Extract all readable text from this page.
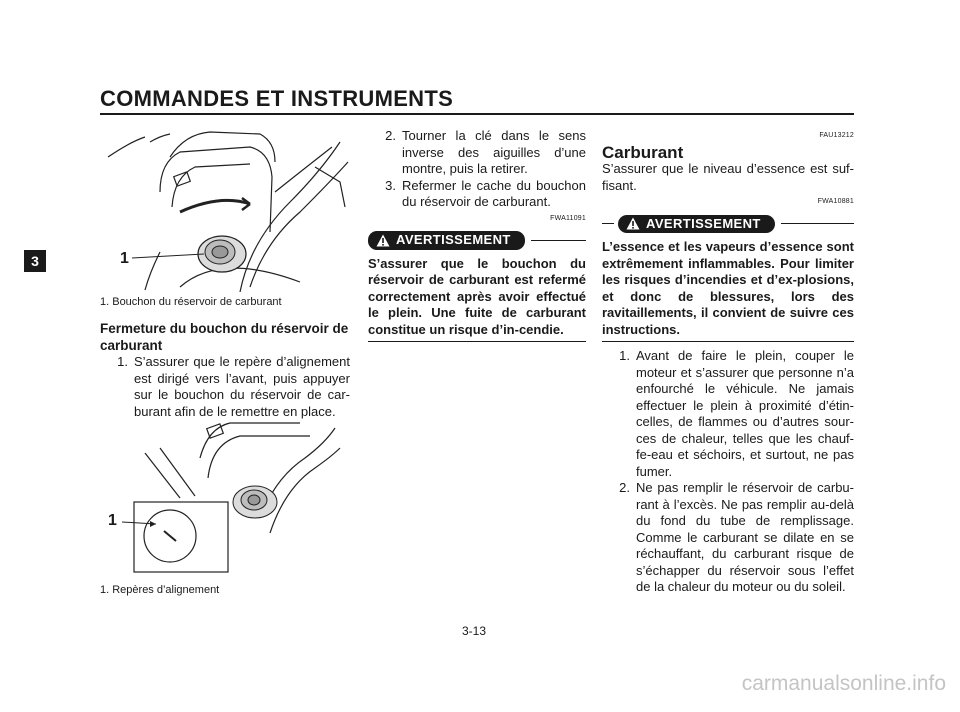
COMMANDES ET INSTRUMENTS
3	1
1. Bouchon du réservoir de carburant
Fermeture du bouchon du réservoir de carburant
1. S’assurer que le repère d’alignement est dirigé vers l’avant, puis appuyer sur le bouchon du réservoir de car-burant afin de le remettre en place.
1
1. Repères d’alignement
2. Tourner la clé dans le sens inverse des aiguilles d’une montre, puis la retirer.
3. Refermer le cache du bouchon du réservoir de carburant.
FWA11091
AVERTISSEMENT
S’assurer que le bouchon du réservoir de carburant est refermé correctement après avoir effectué le plein. Une fuite de carburant constitue un risque d’in-cendie.
FAU13212
Carburant
S’assurer que le niveau d’essence est suf-fisant.
FWA10881
AVERTISSEMENT
L’essence et les vapeurs d’essence sont extrêmement inflammables. Pour limiter les risques d’incendies et d’ex-plosions, et donc de blessures, lors des ravitaillements, il convient de suivre ces instructions.
1. Avant de faire le plein, couper le moteur et s’assurer que personne n’a enfourché le véhicule. Ne jamais effectuer le plein à proximité d’étin-celles, de flammes ou d’autres sour-ces de chaleur, telles que les chauf-fe-eau et séchoirs, et surtout, ne pas fumer.
2. Ne pas remplir le réservoir de carbu-rant à l’excès. Ne pas remplir au-delà du fond du tube de remplissage. Comme le carburant se dilate en se réchauffant, du carburant risque de s’échapper du réservoir sous l’effet de la chaleur du moteur ou du soleil.
3-13
carmanualsonline.info
